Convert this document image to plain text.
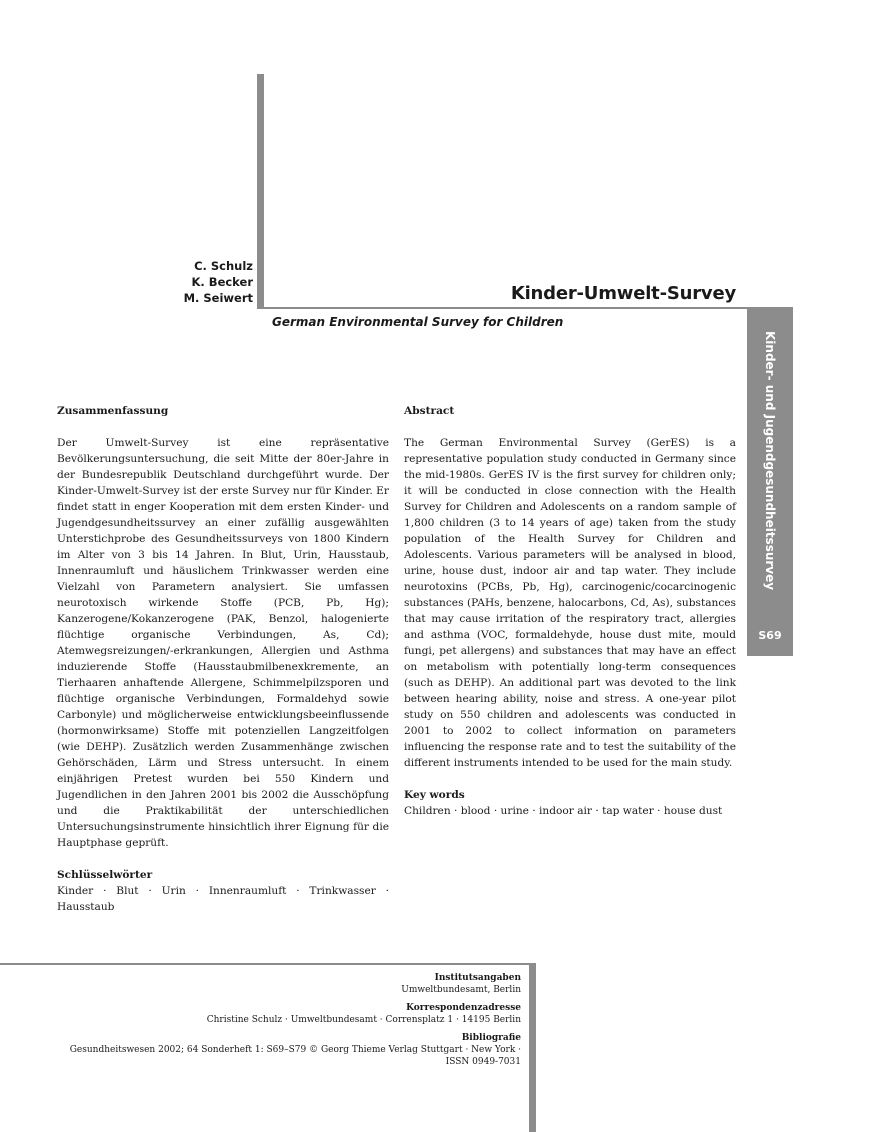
C. Schulz
K. Becker
M. Seiwert	Kinder-Umwelt-Survey
German Environmental Survey for Children
Kinder- und Jugendgesundheitssurvey
S69
Zusammenfassung

Der Umwelt-Survey ist eine repräsentative Bevölkerungsuntersuchung, die seit Mitte der 80er-Jahre in der Bundesrepublik Deutschland durchgeführt wurde. Der Kinder-Umwelt-Survey ist der erste Survey nur für Kinder. Er findet statt in enger Kooperation mit dem ersten Kinder- und Jugendgesundheitssurvey an einer zufällig ausgewählten Unterstichprobe des Gesundheitssurveys von 1800 Kindern im Alter von 3 bis 14 Jahren. In Blut, Urin, Hausstaub, Innenraumluft und häuslichem Trinkwasser werden eine Vielzahl von Parametern analysiert. Sie umfassen neurotoxisch wirkende Stoffe (PCB, Pb, Hg); Kanzerogene/Kokanzerogene (PAK, Benzol, halogenierte flüchtige organische Verbindungen, As, Cd); Atemwegsreizungen/-erkrankungen, Allergien und Asthma induzierende Stoffe (Hausstaubmilbenexkremente, an Tierhaaren anhaftende Allergene, Schimmelpilzsporen und flüchtige organische Verbindungen, Formaldehyd sowie Carbonyle) und möglicherweise entwicklungsbeeinflussende (hormonwirksame) Stoffe mit potenziellen Langzeitfolgen (wie DEHP). Zusätzlich werden Zusammenhänge zwischen Gehörschäden, Lärm und Stress untersucht. In einem einjährigen Pretest wurden bei 550 Kindern und Jugendlichen in den Jahren 2001 bis 2002 die Ausschöpfung und die Praktikabilität der unterschiedlichen Untersuchungsinstrumente hinsichtlich ihrer Eignung für die Hauptphase geprüft.

Schlüsselwörter

Kinder · Blut · Urin · Innenraumluft · Trinkwasser · Hausstaub

Abstract

The German Environmental Survey (GerES) is a representative population study conducted in Germany since the mid-1980s. GerES IV is the first survey for children only; it will be conducted in close connection with the Health Survey for Children and Adolescents on a random sample of 1,800 children (3 to 14 years of age) taken from the study population of the Health Survey for Children and Adolescents. Various parameters will be analysed in blood, urine, house dust, indoor air and tap water. They include neurotoxins (PCBs, Pb, Hg), carcinogenic/cocarcinogenic substances (PAHs, benzene, halocarbons, Cd, As), substances that may cause irritation of the respiratory tract, allergies and asthma (VOC, formaldehyde, house dust mite, mould fungi, pet allergens) and substances that may have an effect on metabolism with potentially long-term consequences (such as DEHP). An additional part was devoted to the link between hearing ability, noise and stress. A one-year pilot study on 550 children and adolescents was conducted in 2001 to 2002 to collect information on parameters influencing the response rate and to test the suitability of the different instruments intended to be used for the main study.

Key words

Children · blood · urine · indoor air · tap water · house dust

Institutsangaben
Umweltbundesamt, Berlin
Korrespondenzadresse
Christine Schulz · Umweltbundesamt · Corrensplatz 1 · 14195 Berlin
Bibliografie
Gesundheitswesen 2002; 64 Sonderheft 1: S69–S79 © Georg Thieme Verlag Stuttgart · New York ·
ISSN 0949-7031
